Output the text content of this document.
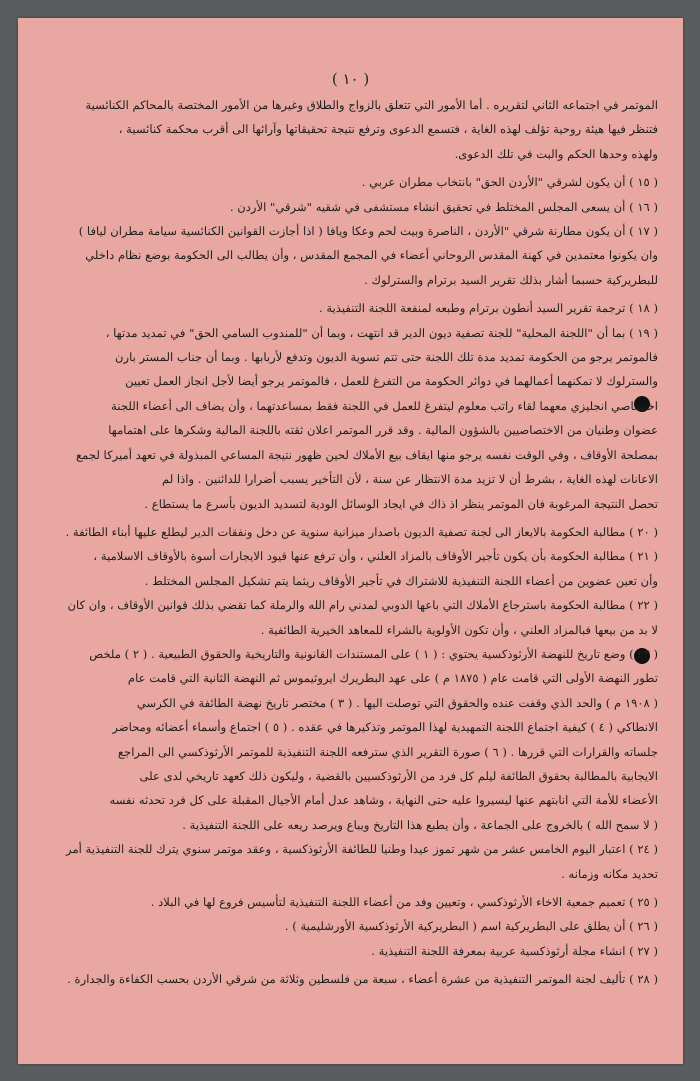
( ١٠ )

الموتمر في اجتماعه الثاني لتقريره . أما الأمور التي تتعلق بالزواج والطلاق وغيرها من الأمور المختصة بالمحاكم الكنائسية

فتنظر فيها هيئة روحية تؤلف لهذه الغاية ، فتسمع الدعوى وترفع نتيجة تحقيقاتها وآرائها الى أقرب محكمة كنائسية ،

ولهذه وحدها الحكم والبت في تلك الدعوى.

( ١٥ ) أن يكون لشرقي "الأردن الحق" بانتخاب مطران عربي .

( ١٦ ) أن يسعى المجلس المختلط في تحقيق انشاء مستشفى في شقيه "شرقي" الأردن .

( ١٧ ) أن يكون مطارنة شرقي "الأردن ، الناصرة وبيت لحم وعكا ويافا ( اذا أجازت القوانين الكنائسية سيامة مطران ليافا )

وان يكونوا معتمدين في كهنة المقدس الروحاني أعضاء في المجمع المقدس ، وأن يطالب الى الحكومة بوضع نظام داخلي

للبطريركية حسبما أشار بذلك تقرير السيد برترام والسترلوك .

( ١٨ ) ترجمة تقرير السيد أنطون برترام وطبعه لمنفعة اللجنة التنفيذية .

( ١٩ ) بما أن "اللجنة المحلية" للجنة تصفية ديون الدير قد انتهت ، وبما أن "للمندوب السامي الحق" في تمديد مدتها ،

فالموتمر يرجو من الحكومة تمديد مدة تلك اللجنة حتى تتم تسوية الديون وتدفع لأربابها . وبما أن جناب المستر بارن

والسترلوك لا تمكنهما أعمالهما في دوائر الحكومة من التفرغ للعمل ، فالموتمر يرجو أيضا لأجل انجاز العمل تعيين

اختصاصي انجليزي معهما لقاء راتب معلوم ليتفرغ للعمل في اللجنة فقط بمساعدتهما ، وأن يضاف الى أعضاء اللجنة

عضوان وطنيان من الاختصاصيين بالشؤون المالية . وقد قرر الموتمر اعلان ثقته باللجنة المالية وشكرها على اهتمامها

بمصلحة الأوقاف ، وفي الوقت نفسه يرجو منها ايقاف بيع الأملاك لحين ظهور نتيجة المساعي المبذولة في تعهد أميركا لجمع

الاعانات لهذه الغاية ، بشرط أن لا تزيد مدة الانتظار عن سنة ، لأن التأخير يسبب أضرارا للدائنين . واذا لم

تحصل النتيجة المرغوبة فان الموتمر ينظر اذ ذاك في ايجاد الوسائل الودية لتسديد الديون بأسرع ما يستطاع .

( ٢٠ ) مطالبة الحكومة بالايعاز الى لجنة تصفية الديون باصدار ميزانية سنوية عن دخل ونفقات الدير ليطلع عليها أبناء الطائفة .

( ٢١ ) مطالبة الحكومة بأن يكون تأجير الأوقاف بالمزاد العلني ، وأن ترفع عنها قيود الايجارات أسوة بالأوقاف الاسلامية ،

وأن تعين عضوين من أعضاء اللجنة التنفيذية للاشتراك في تأجير الأوقاف ريثما يتم تشكيل المجلس المختلط .

( ٢٢ ) مطالبة الحكومة باسترجاع الأملاك التي باعها الدوبي لمدني رام الله والرملة كما تقضي بذلك قوانين الأوقاف ، وان كان

لا بد من بيعها فبالمزاد العلني ، وأن تكون الأولوية بالشراء للمعاهد الخيرية الطائفية .

( ٢٣ ) وضع تاريخ للنهضة الأرثوذكسية يحتوي : ( ١ ) على المستندات القانونية والتاريخية والحقوق الطبيعية . ( ٢ ) ملخص

تطور النهضة الأولى التي قامت عام ( ١٨٧٥ م ) على عهد البطريرك ايروثيموس ثم النهضة الثانية التي قامت عام

( ١٩٠٨ م ) والحد الذي وقفت عنده والحقوق التي توصلت اليها . ( ٣ ) مختصر تاريخ نهضة الطائفة في الكرسي

الانطاكي ( ٤ ) كيفية اجتماع اللجنة التمهيدية لهذا الموتمر وتذكيرها في عقده . ( ٥ ) اجتماع وأسماء أعضائه ومحاضر

جلساته والقرارات التي قررها . ( ٦ ) صورة التقرير الذي سترفعه اللجنة التنفيذية للموتمر الأرثوذكسي الى المراجع

الايجابية بالمطالبة بحقوق الطائفة ليلم كل فرد من الأرثوذكسيين بالقضية ، وليكون ذلك كعهد تاريخي لدى على

الأعضاء للأمة التي انابتهم عنها ليسيروا عليه حتى النهاية ، وشاهد عدل أمام الأجيال المقبلة على كل فرد تحدثه نفسه

( لا سمح الله ) بالخروج على الجماعة ، وأن يطبع هذا التاريخ ويباع ويرصد ريعه على اللجنة التنفيذية .

( ٢٤ ) اعتبار اليوم الخامس عشر من شهر تموز عيدا وطنيا للطائفة الأرثوذكسية ، وعقد موتمر سنوي يترك للجنة التنفيذية أمر

تحديد مكانه وزمانه .

( ٢٥ ) تعميم جمعية الاخاء الأرثوذكسي ، وتعيين وفد من أعضاء اللجنة التنفيذية لتأسيس فروع لها في البلاد .

( ٢٦ ) أن يطلق على البطريركية اسم ( البطريركية الأرثوذكسية الأورشليمية ) .

( ٢٧ ) انشاء مجلة أرثوذكسية عربية بمعرفة اللجنة التنفيذية .

( ٢٨ ) تأليف لجنة الموتمر التنفيذية من عشرة أعضاء ، سبعة من فلسطين وثلاثة من شرقي الأردن بحسب الكفاءة والجدارة .
